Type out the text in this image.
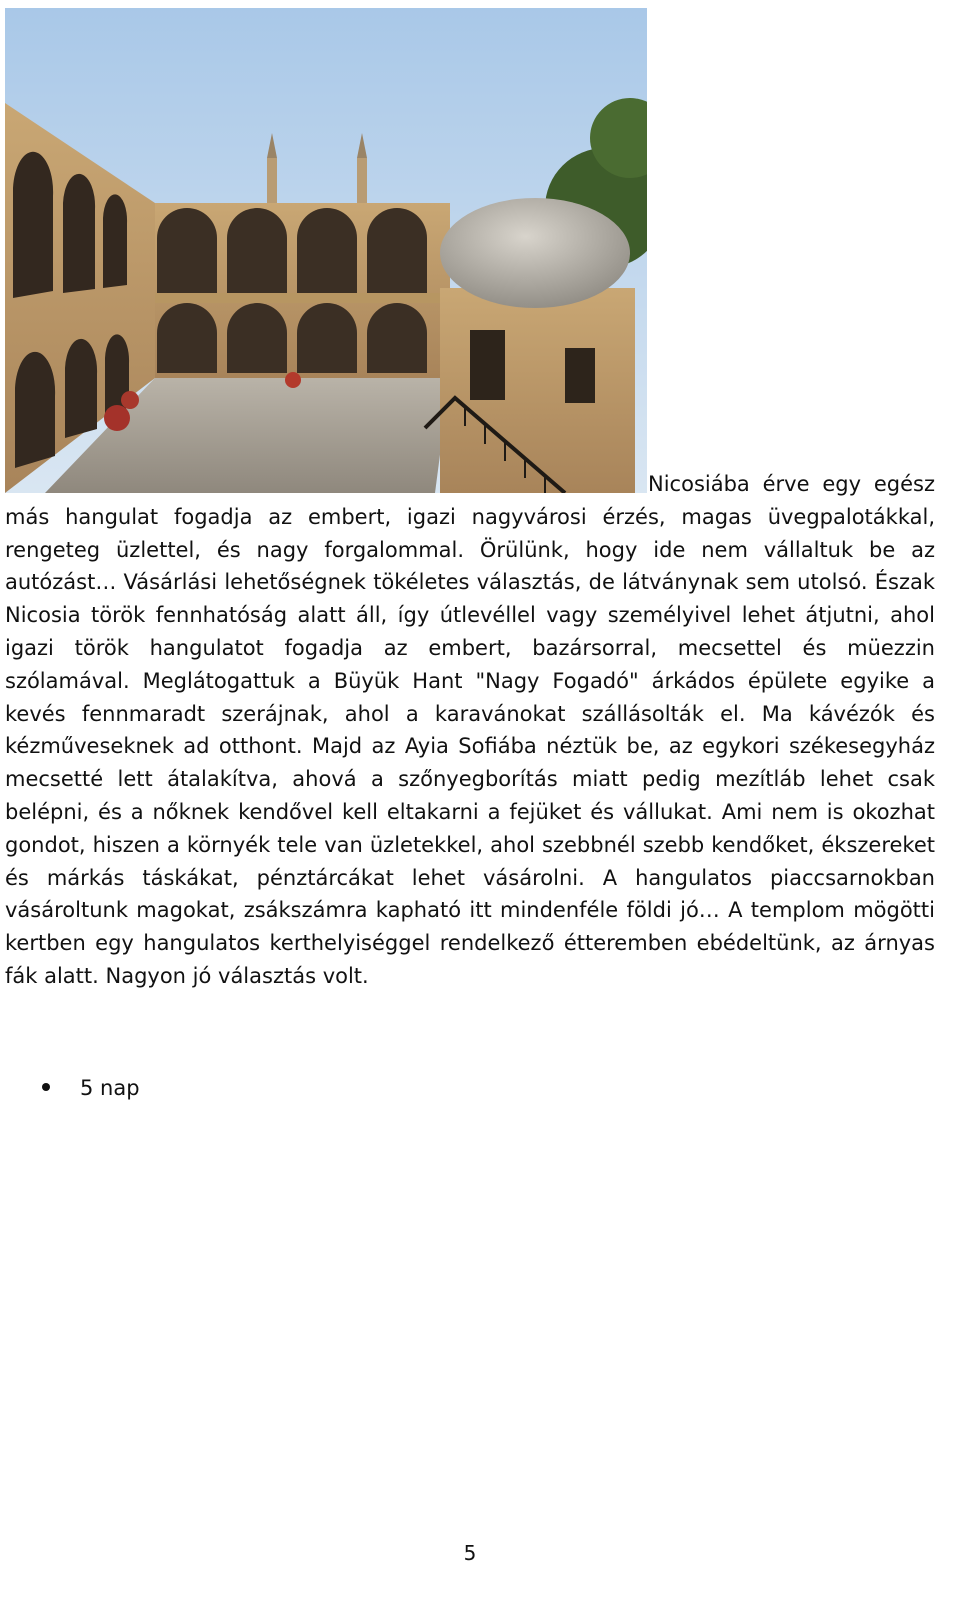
Nicosiába érve egy egész más hangulat fogadja az embert, igazi nagyvárosi érzés, magas üvegpalotákkal, rengeteg üzlettel, és nagy forgalommal. Örülünk, hogy ide nem vállaltuk be az autózást… Vásárlási lehetőségnek tökéletes választás, de látványnak sem utolsó. Észak Nicosia török fennhatóság alatt áll, így útlevéllel vagy személyivel lehet átjutni, ahol igazi török hangulatot fogadja az embert, bazársorral, mecsettel és müezzin szólamával. Meglátogattuk a Büyük Hant "Nagy Fogadó" árkádos épülete egyike a kevés fennmaradt szerájnak, ahol a karavánokat szállásolták el. Ma kávézók és kézműveseknek ad otthont. Majd az Ayia Sofiába néztük be, az egykori székesegyház mecsetté lett átalakítva, ahová a szőnyegborítás miatt pedig mezítláb lehet csak belépni, és a nőknek kendővel kell eltakarni a fejüket és vállukat. Ami nem is okozhat gondot, hiszen a környék tele van üzletekkel, ahol szebbnél szebb kendőket, ékszereket és márkás táskákat, pénztárcákat lehet vásárolni. A hangulatos piaccsarnokban vásároltunk magokat, zsákszámra kapható itt mindenféle földi jó… A templom mögötti kertben egy hangulatos kerthelyiséggel rendelkező étteremben ebédeltünk, az árnyas fák alatt. Nagyon jó választás volt.

5 nap
5
